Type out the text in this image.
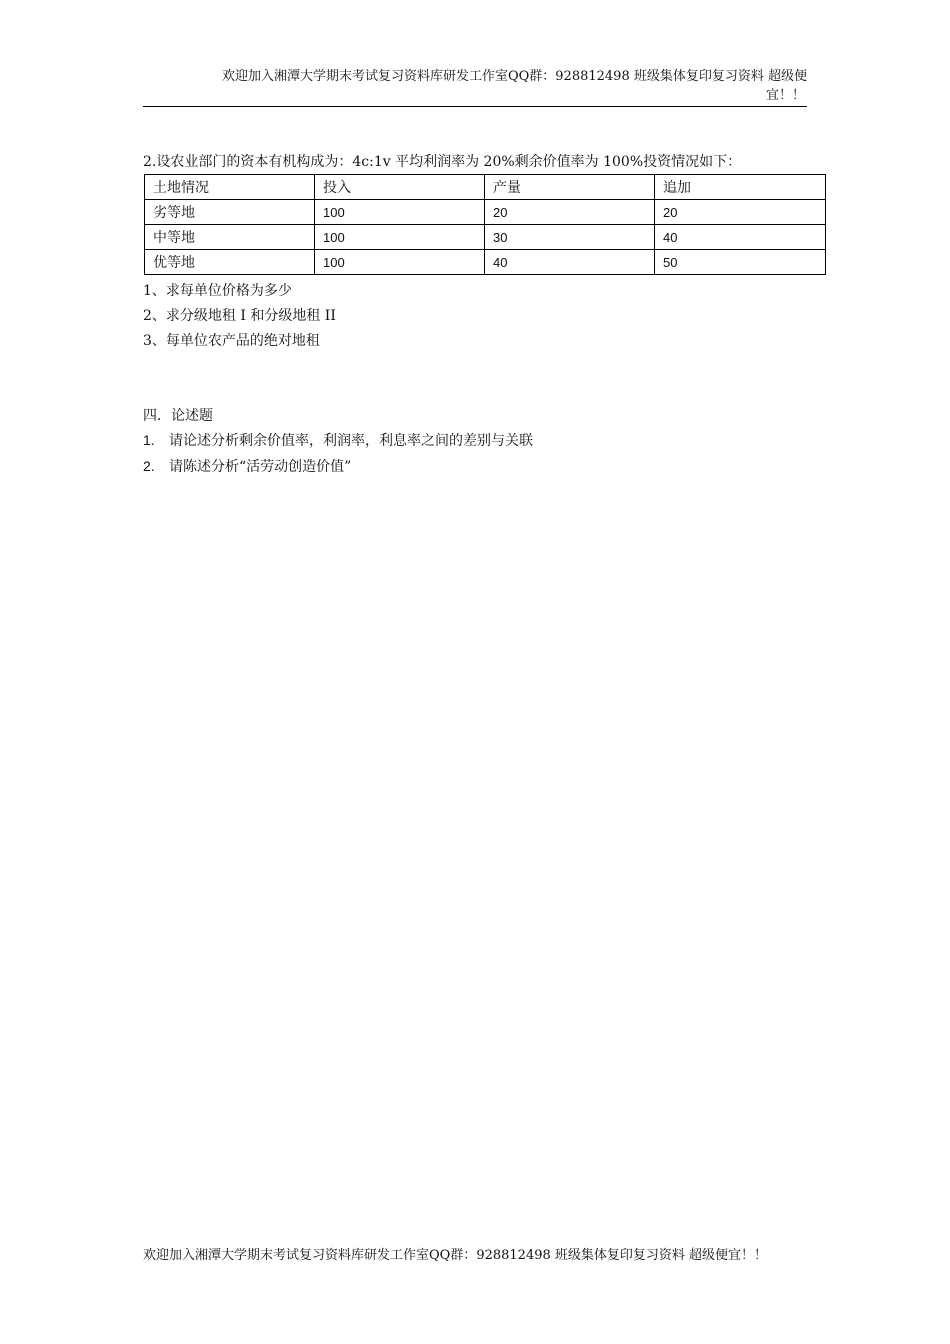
欢迎加入湘潭大学期末考试复习资料库研发工作室QQ群：928812498 班级集体复印复习资料 超级便
宜！！
2.设农业部门的资本有机构成为：4c:1v 平均利润率为 20%剩余价值率为 100%投资情况如下：
土地情况	投入	产量	追加
劣等地	100	20	20
中等地	100	30	40
优等地	100	40	50
1、求每单位价格为多少
2、求分级地租 I 和分级地租 II
3、每单位农产品的绝对地租
四．论述题
1. 请论述分析剩余价值率，利润率，利息率之间的差别与关联
2. 请陈述分析“活劳动创造价值”
欢迎加入湘潭大学期末考试复习资料库研发工作室QQ群：928812498 班级集体复印复习资料 超级便宜！！
